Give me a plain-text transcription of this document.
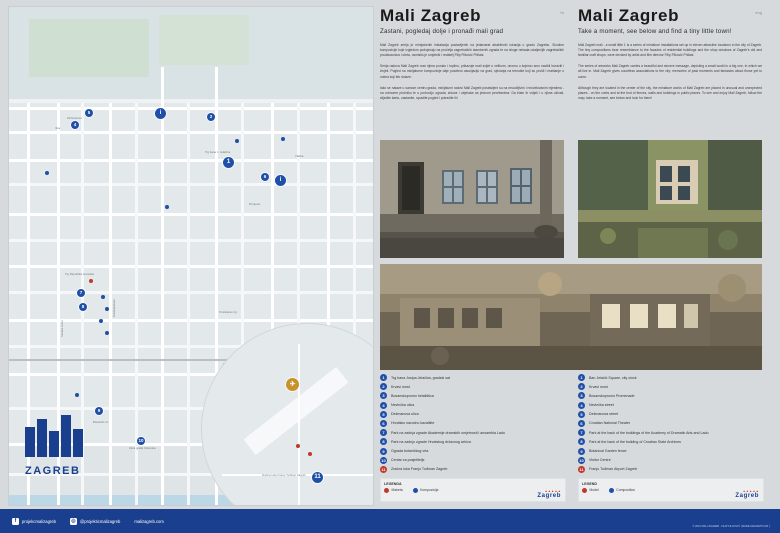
Ilica
Trg bana J. Jelačića
Zrinjevac
Vlaška
Savska cesta
Dežmanova
Frankopanska
Botanički vrt
Tomislavov trg
Trg Republike Hrvatske
Ulica grada Vukovara
Zračna luka Franjo Tuđman Zagreb
✈
11
1
2
i
4
5
6
i
7
8
9
10
ZAGREB
Mali Zagreb	hr
Zastani, pogledaj dolje i pronađi mali grad

Mali Zagreb serija je minijaturnih instalacija postavljenih na jedanaest atraktivnih lokacija u gradu Zagrebu. Sićušne kompozicije koje izgledom podsjećaju na pročelja zagrebačkih stambenih zgrada te na izloge nekada udaljenijih zagrebačkih prodavaonica i obrta, osmislio je umjetnik i redatelj Filip Filković Philatz.

Serija radova Mali Zagreb nosi njima poruku i toplinu, prikazuje mali svijet u velikom, onomu u kojemu smo navikli boraviti i živjeti. Pogled na minijaturne kompozicije daje posebnu asocijaciju na grad, sjećanja na trenutke koji su prošli i maštanje o onima koji tek dolaze.

Iako se nalaze u samom centru grada, minijaturni radovi Mali Zagreb postavljeni su na neuočljivim i neočekivanim mjestima - na rubnome pločniku te u podnožju ograda, zidova i objekata na jednom pervitanima. Da biste ih vidjeli i u njima uživali, slijedite kartu, zastanite, spustite pogled i potražite ih!

Mali Zagreb	eng
Take a moment, see below and find a tiny little town!

Mali Zagreb mali - a small little 1 is a series of miniature installations set up in eleven attractive locations in the city of Zagreb. The tiny compositions bear resemblance to the facades of residential buildings and the shop windows of Zagreb's old and familiar craft shops, were devised by artist and film director Filip Filković Philatz.

The series of artworks Mali Zagreb carries a beautiful and sincere message, depicting a small world in a big one, in which we all live in. Mali Zagreb gives countless associations to the city: memories of past moments and fantasies about those yet to come.

Although they are located in the center of the city, the miniature works of Mali Zagreb are placed in unusual and unexpected places - on the curbs and at the foot of fences, walls and buildings in public places. To see and enjoy Mali Zagreb, follow the map, take a moment, see below and look for them!

1	Trg bana Josipa Jelačića, gradski sat
2	Krvavi most
3	Bosanskopromo šetalištica
4	Nevinčka ulica
5	Dežmanova ulica
6	Hrvatsko narodno kazalište
7	Park na zadnja zgrade Akademije dramskih umjetnosti i ansambla Lado
8	Park na zadnju zgrade Hrvatskog državnog arhiva
9	Ograda botaničkog vrta
10	Centar za posjetitelje
11	Zračna luka Franjo Tuđman Zagreb
1	Ban Jelačić Square, city clock
2	Krvavi most
3	Bosanskopromo Promenade
4	Nevinčka street
5	Dežmanova street
6	Croatian National Theater
7	Park at the back of the buildings of the Academy of Dramatic Arts and Lado
8	Park at the back of the building of Croatian State Archives
9	Botanical Garden fence
10	Visitor Centre
11	Franjo Tuđman Airport Zagreb
LEGENDA
Maketa	Kompozicija	▲▲▲▲▲
Zagreb
LEGEND
Model	Composition	▲▲▲▲▲
Zagreb
f	projekcmalizagreb	◎	@projekticmalizagreb	malizagreb.com
© 2021 MALI ZAGREB · FILIP FILKOVIĆ | MARE MAGNETICVM ⎮
